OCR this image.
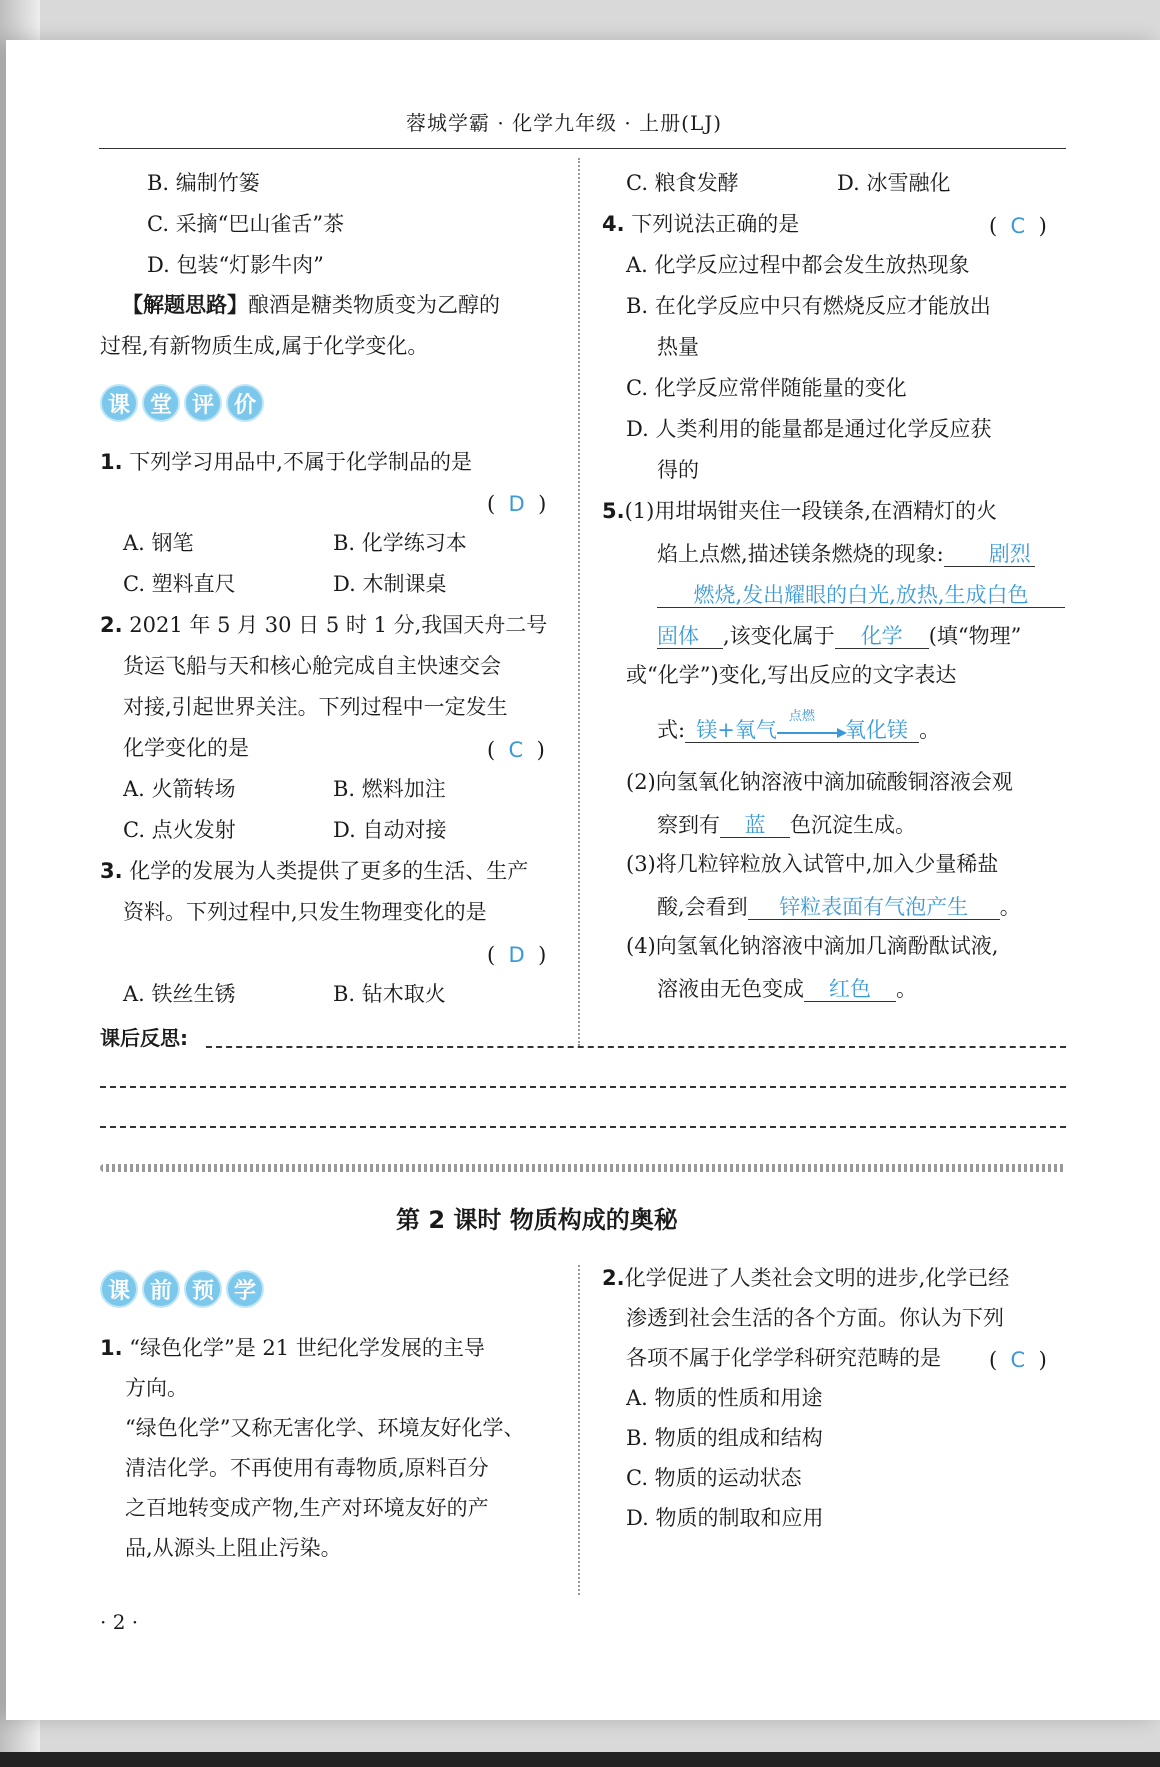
蓉城学霸 · 化学九年级 · 上册(LJ)
B. 编制竹篓
C. 采摘“巴山雀舌”茶
D. 包装“灯影牛肉”
【解题思路】酿酒是糖类物质变为乙醇的
过程,有新物质生成,属于化学变化。
课 堂 评 价
1. 下列学习用品中,不属于化学制品的是
(  D  )
A. 钢笔	B. 化学练习本
C. 塑料直尺	D. 木制课桌
2. 2021 年 5 月 30 日 5 时 1 分,我国天舟二号
货运飞船与天和核心舱完成自主快速交会
对接,引起世界关注。下列过程中一定发生
化学变化的是	(  C  )
A. 火箭转场	B. 燃料加注
C. 点火发射	D. 自动对接
3. 化学的发展为人类提供了更多的生活、生产
资料。下列过程中,只发生物理变化的是
(  D  )
A. 铁丝生锈	B. 钻木取火
C. 粮食发酵	D. 冰雪融化
4. 下列说法正确的是	(  C  )
A. 化学反应过程中都会发生放热现象
B. 在化学反应中只有燃烧反应才能放出
热量
C. 化学反应常伴随能量的变化
D. 人类利用的能量都是通过化学反应获
得的
5.(1)用坩埚钳夹住一段镁条,在酒精灯的火
焰上点燃,描述镁条燃烧的现象: 剧烈
燃烧,发出耀眼的白光,放热,生成白色
固体 ,该变化属于 化学 (填“物理”
或“化学”)变化,写出反应的文字表达
式: 镁+氧气
点燃
氧化镁 。
(2)向氢氧化钠溶液中滴加硫酸铜溶液会观
察到有 蓝 色沉淀生成。
(3)将几粒锌粒放入试管中,加入少量稀盐
酸,会看到 锌粒表面有气泡产生 。
(4)向氢氧化钠溶液中滴加几滴酚酞试液,
溶液由无色变成 红色 。
课后反思:
第 2 课时 物质构成的奥秘
课 前 预 学
1. “绿色化学”是 21 世纪化学发展的主导
方向。
“绿色化学”又称无害化学、环境友好化学、
清洁化学。不再使用有毒物质,原料百分
之百地转变成产物,生产对环境友好的产
品,从源头上阻止污染。
2.化学促进了人类社会文明的进步,化学已经
渗透到社会生活的各个方面。你认为下列
各项不属于化学学科研究范畴的是 (  C  )
A. 物质的性质和用途
B. 物质的组成和结构
C. 物质的运动状态
D. 物质的制取和应用
· 2 ·
